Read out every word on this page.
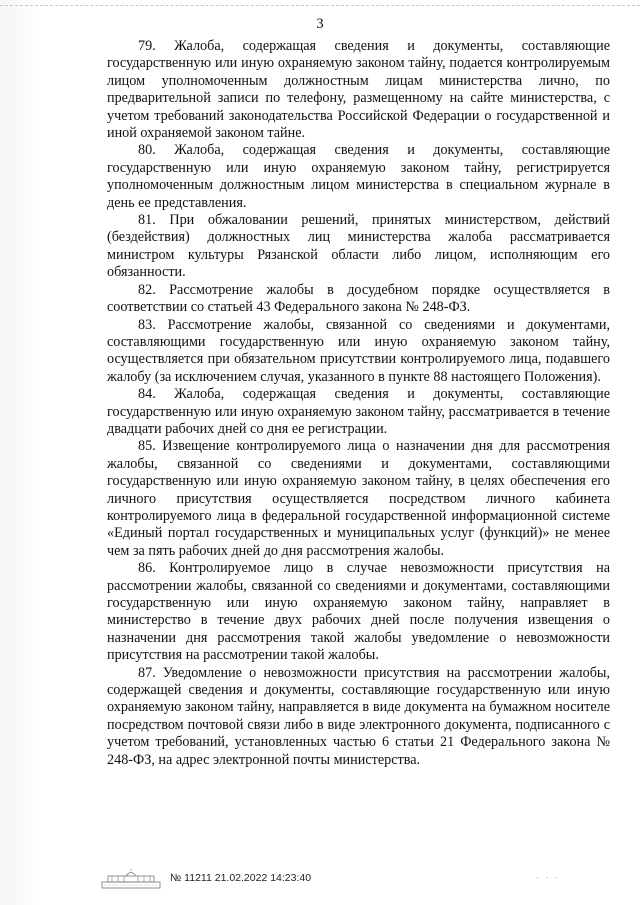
3

79. Жалоба, содержащая сведения и документы, составляющие государственную или иную охраняемую законом тайну, подается контролируемым лицом уполномоченным должностным лицам министерства лично, по предварительной записи по телефону, размещенному на сайте министерства, с учетом требований законодательства Российской Федерации о государственной и иной охраняемой законом тайне.

80. Жалоба, содержащая сведения и документы, составляющие государственную или иную охраняемую законом тайну, регистрируется уполномоченным должностным лицом министерства в специальном журнале в день ее представления.

81. При обжаловании решений, принятых министерством, действий (бездействия) должностных лиц министерства жалоба рассматривается министром культуры Рязанской области либо лицом, исполняющим его обязанности.

82. Рассмотрение жалобы в досудебном порядке осуществляется в соответствии со статьей 43 Федерального закона № 248-ФЗ.

83. Рассмотрение жалобы, связанной со сведениями и документами, составляющими государственную или иную охраняемую законом тайну, осуществляется при обязательном присутствии контролируемого лица, подавшего жалобу (за исключением случая, указанного в пункте 88 настоящего Положения).

84. Жалоба, содержащая сведения и документы, составляющие государственную или иную охраняемую законом тайну, рассматривается в течение двадцати рабочих дней со дня ее регистрации.

85. Извещение контролируемого лица о назначении дня для рассмотрения жалобы, связанной со сведениями и документами, составляющими государственную или иную охраняемую законом тайну, в целях обеспечения его личного присутствия осуществляется посредством личного кабинета контролируемого лица в федеральной государственной информационной системе «Единый портал государственных и муниципальных услуг (функций)» не менее чем за пять рабочих дней до дня рассмотрения жалобы.

86. Контролируемое лицо в случае невозможности присутствия на рассмотрении жалобы, связанной со сведениями и документами, составляющими государственную или иную охраняемую законом тайну, направляет в министерство в течение двух рабочих дней после получения извещения о назначении дня рассмотрения такой жалобы уведомление о невозможности присутствия на рассмотрении такой жалобы.

87. Уведомление о невозможности присутствия на рассмотрении жалобы, содержащей сведения и документы, составляющие государственную или иную охраняемую законом тайну, направляется в виде документа на бумажном носителе посредством почтовой связи либо в виде электронного документа, подписанного с учетом требований, установленных частью 6 статьи 21 Федерального закона № 248-ФЗ, на адрес электронной почты министерства.

№ 11211 21.02.2022 14:23:40	· · ·
